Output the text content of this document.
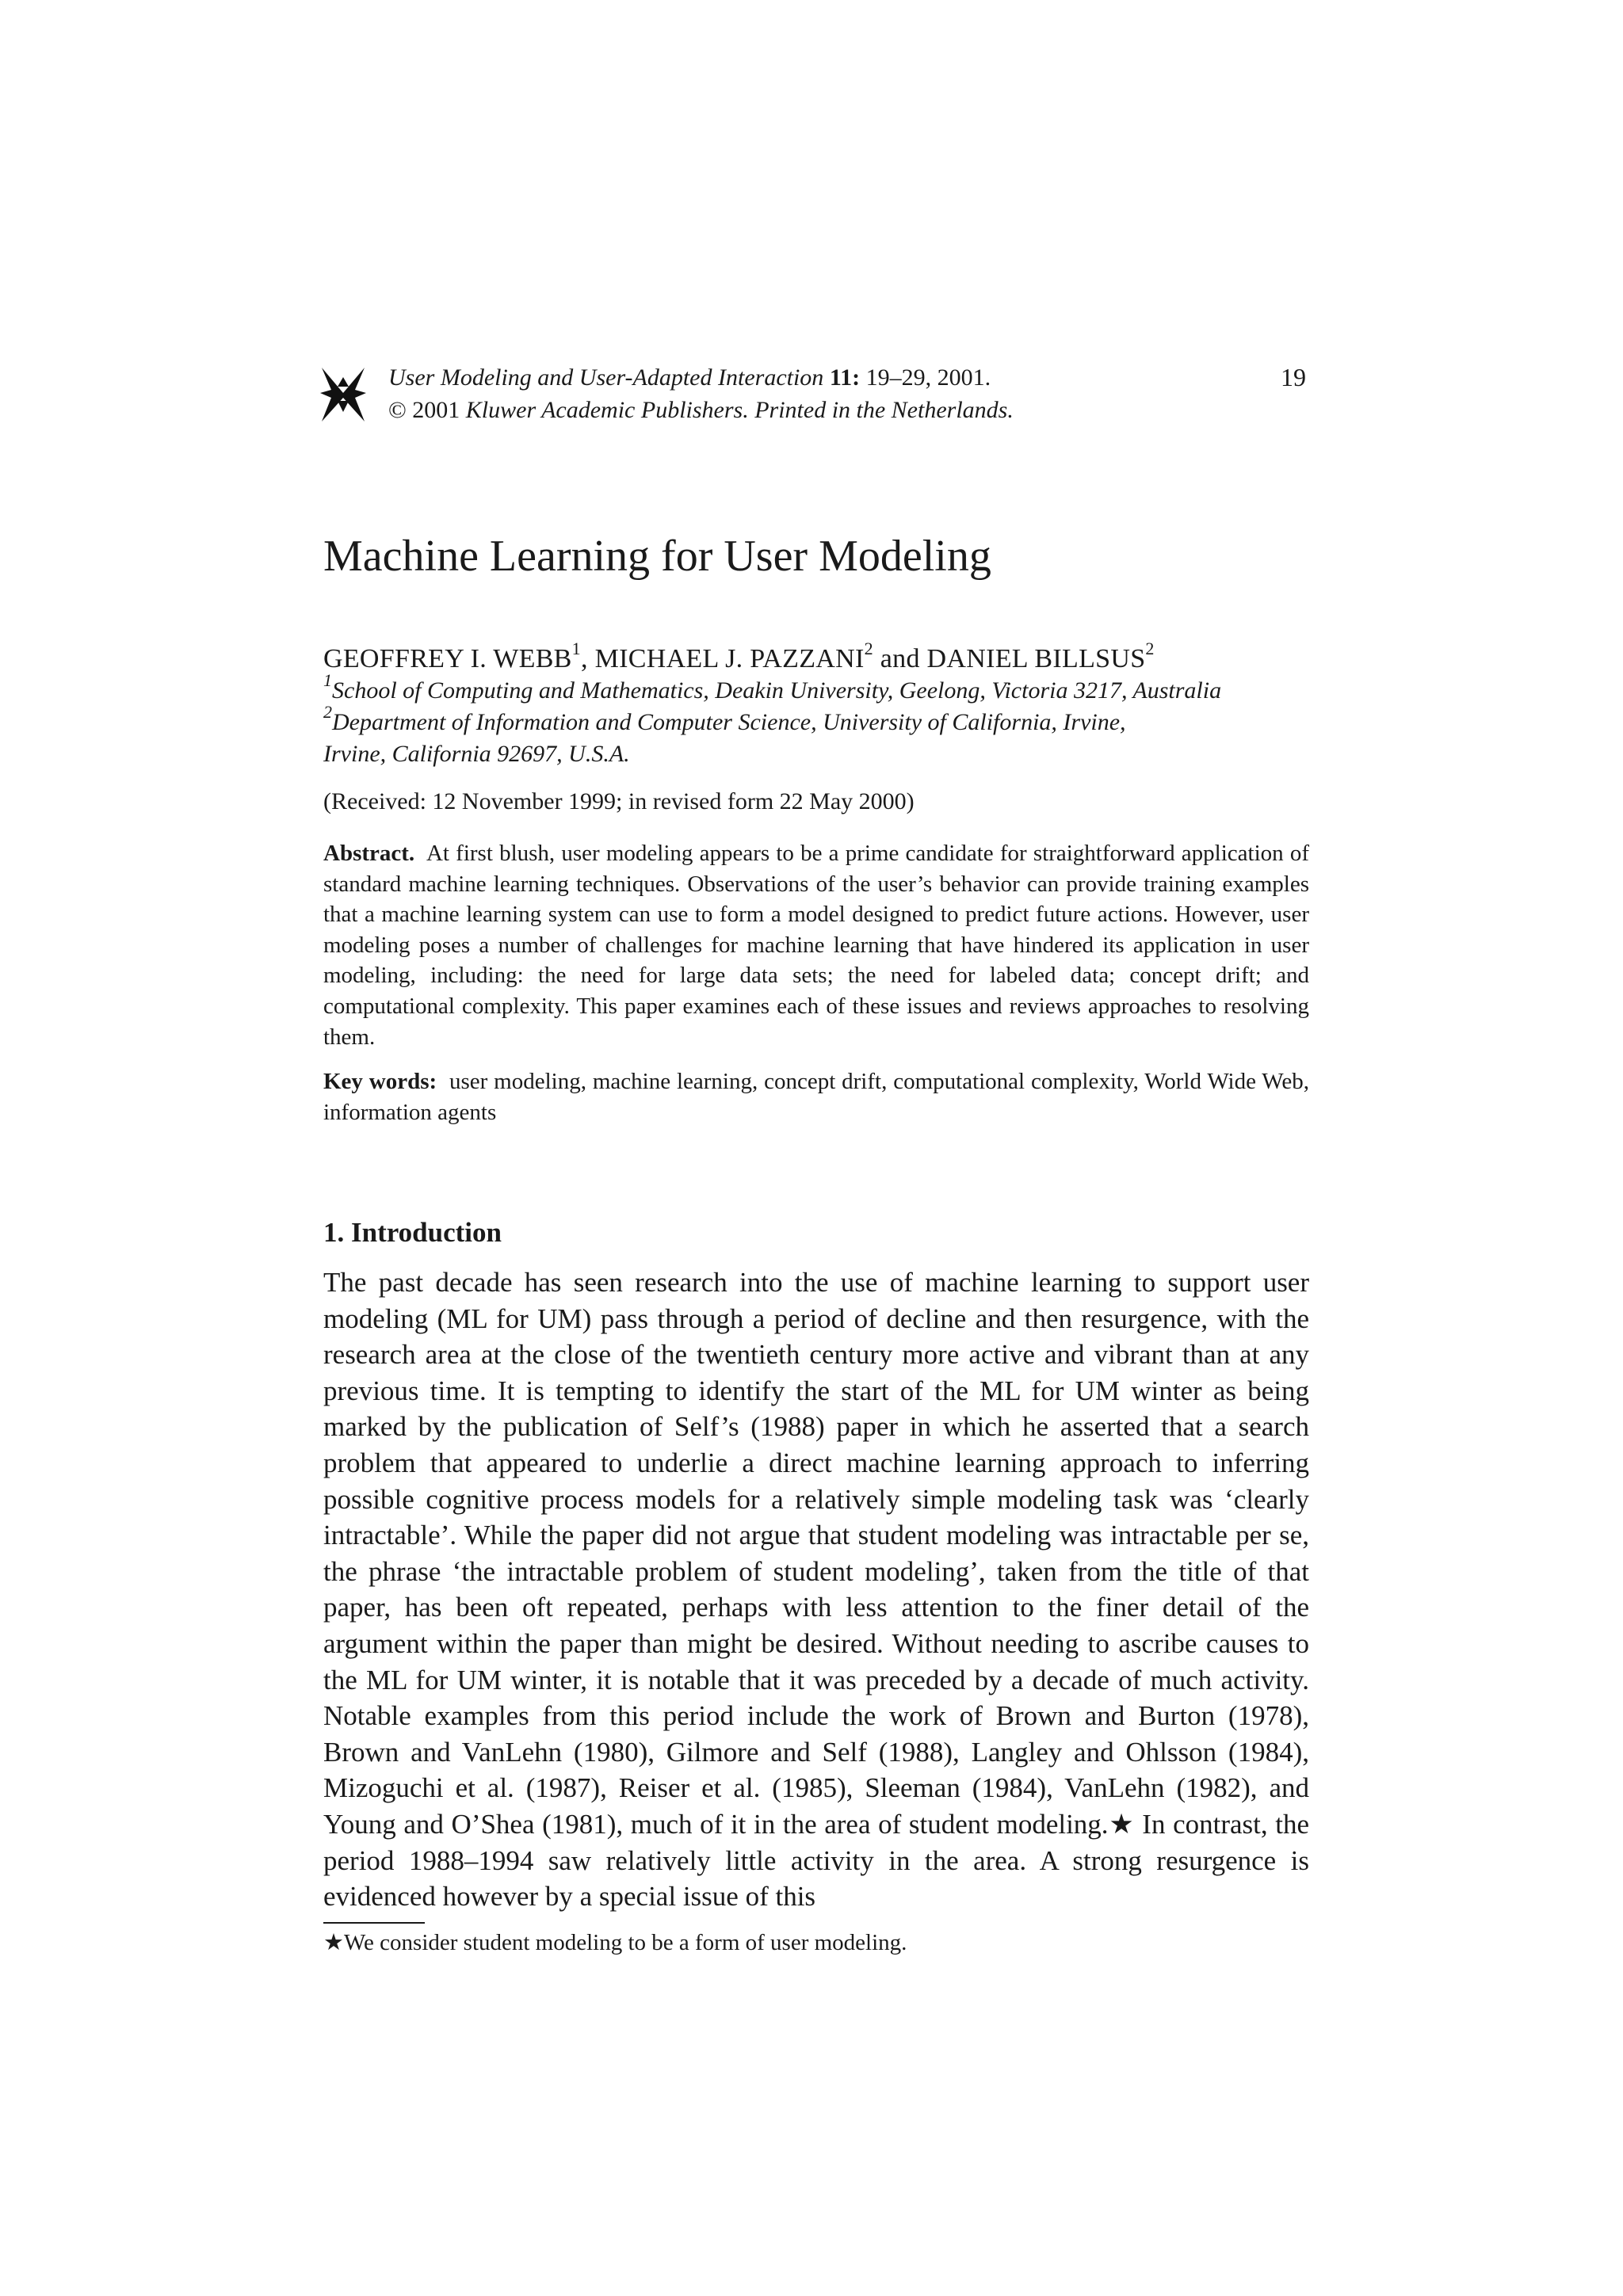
User Modeling and User-Adapted Interaction 11: 19–29, 2001.
© 2001 Kluwer Academic Publishers. Printed in the Netherlands.
19
Machine Learning for User Modeling
GEOFFREY I. WEBB$^1$, MICHAEL J. PAZZANI$^2$ and DANIEL BILLSUS$^2$
$^1$School of Computing and Mathematics, Deakin University, Geelong, Victoria 3217, Australia
$^2$Department of Information and Computer Science, University of California, Irvine,
Irvine, California 92697, U.S.A.
(Received: 12 November 1999; in revised form 22 May 2000)
Abstract. At first blush, user modeling appears to be a prime candidate for straightforward application of standard machine learning techniques. Observations of the user’s behavior can provide training examples that a machine learning system can use to form a model designed to predict future actions. However, user modeling poses a number of challenges for machine learning that have hindered its application in user modeling, including: the need for large data sets; the need for labeled data; concept drift; and computational complexity. This paper examines each of these issues and reviews approaches to resolving them.
Key words: user modeling, machine learning, concept drift, computational complexity, World Wide Web, information agents
1. Introduction
The past decade has seen research into the use of machine learning to support user modeling (ML for UM) pass through a period of decline and then resurgence, with the research area at the close of the twentieth century more active and vibrant than at any previous time. It is tempting to identify the start of the ML for UM winter as being marked by the publication of Self’s (1988) paper in which he asserted that a search problem that appeared to underlie a direct machine learning approach to inferring possible cognitive process models for a relatively simple modeling task was ‘clearly intractable’. While the paper did not argue that student modeling was intractable per se, the phrase ‘the intractable problem of student modeling’, taken from the title of that paper, has been oft repeated, perhaps with less attention to the finer detail of the argument within the paper than might be desired. Without needing to ascribe causes to the ML for UM winter, it is notable that it was preceded by a decade of much activity. Notable examples from this period include the work of Brown and Burton (1978), Brown and VanLehn (1980), Gilmore and Self (1988), Langley and Ohlsson (1984), Mizoguchi et al. (1987), Reiser et al. (1985), Sleeman (1984), VanLehn (1982), and Young and O’Shea (1981), much of it in the area of student modeling.★ In contrast, the period 1988–1994 saw relatively little activity in the area. A strong resurgence is evidenced however by a special issue of this
★We consider student modeling to be a form of user modeling.
